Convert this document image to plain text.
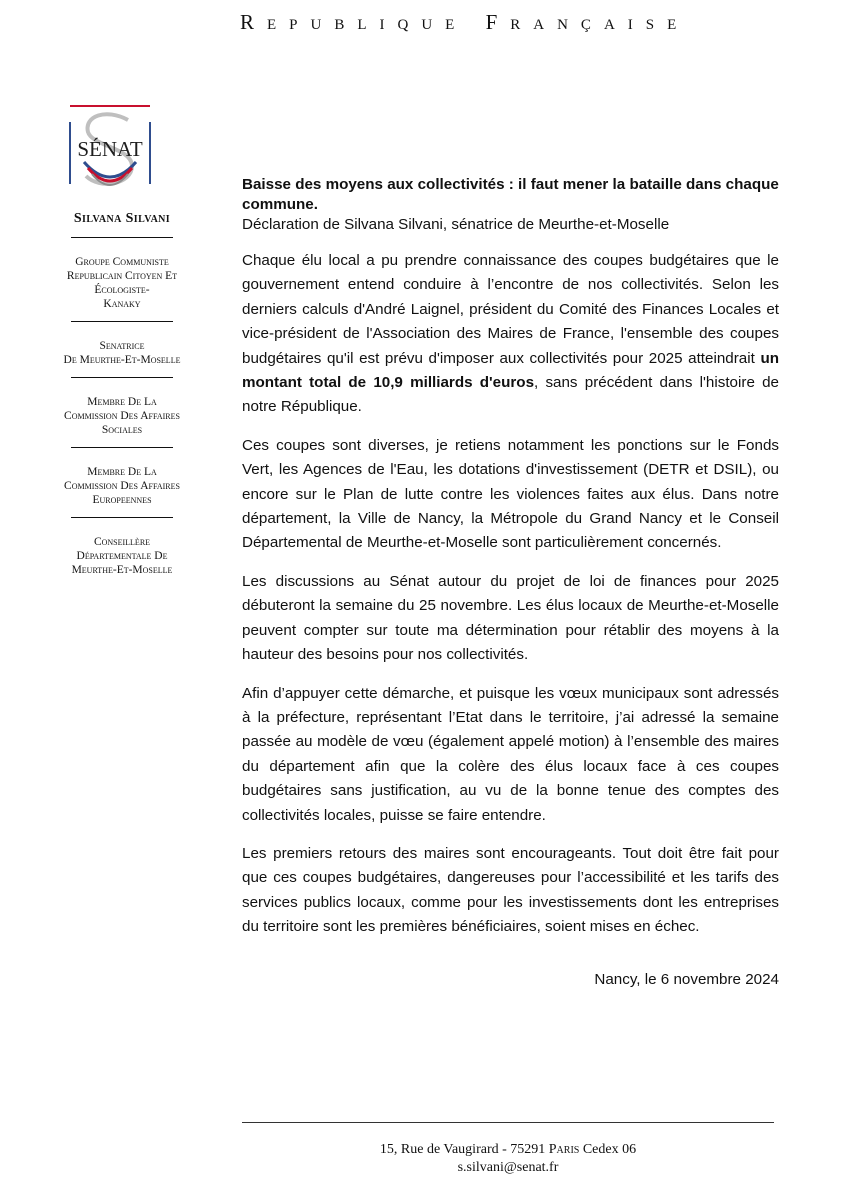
Republique Française
SÉNAT
Silvana Silvani
Groupe Communiste
Republicain Citoyen Et
Écologiste-
Kanaky
Senatrice
De Meurthe-Et-Moselle
Membre De La
Commission Des Affaires
Sociales
Membre De La
Commission Des Affaires
Europeennes
Conseillère
Départementale De
Meurthe-Et-Moselle
Baisse des moyens aux collectivités : il faut mener la bataille dans chaque commune.
Déclaration de Silvana Silvani, sénatrice de Meurthe-et-Moselle

Chaque élu local a pu prendre connaissance des coupes budgétaires que le gouvernement entend conduire à l’encontre de nos collectivités. Selon les derniers calculs d'André Laignel, président du Comité des Finances Locales et vice-président de l'Association des Maires de France, l'ensemble des coupes budgétaires qu'il est prévu d'imposer aux collectivités pour 2025 atteindrait un montant total de 10,9 milliards d'euros, sans précédent dans l'histoire de notre République.

Ces coupes sont diverses, je retiens notamment les ponctions sur le Fonds Vert, les Agences de l'Eau, les dotations d'investissement (DETR et DSIL), ou encore sur le Plan de lutte contre les violences faites aux élus. Dans notre département, la Ville de Nancy, la Métropole du Grand Nancy et le Conseil Départemental de Meurthe-et-Moselle sont particulièrement concernés.

Les discussions au Sénat autour du projet de loi de finances pour 2025 débuteront la semaine du 25 novembre. Les élus locaux de Meurthe-et-Moselle peuvent compter sur toute ma détermination pour rétablir des moyens à la hauteur des besoins pour nos collectivités.

Afin d’appuyer cette démarche, et puisque les vœux municipaux sont adressés à la préfecture, représentant l’Etat dans le territoire, j’ai adressé la semaine passée au modèle de vœu (également appelé motion) à l’ensemble des maires du département afin que la colère des élus locaux face à ces coupes budgétaires sans justification, au vu de la bonne tenue des comptes des collectivités locales, puisse se faire entendre.

Les premiers retours des maires sont encourageants. Tout doit être fait pour que ces coupes budgétaires, dangereuses pour l’accessibilité et les tarifs des services publics locaux, comme pour les investissements dont les entreprises du territoire sont les premières bénéficiaires, soient mises en échec.

Nancy, le 6 novembre 2024
15, Rue de Vaugirard - 75291 Paris Cedex 06
s.silvani@senat.fr
